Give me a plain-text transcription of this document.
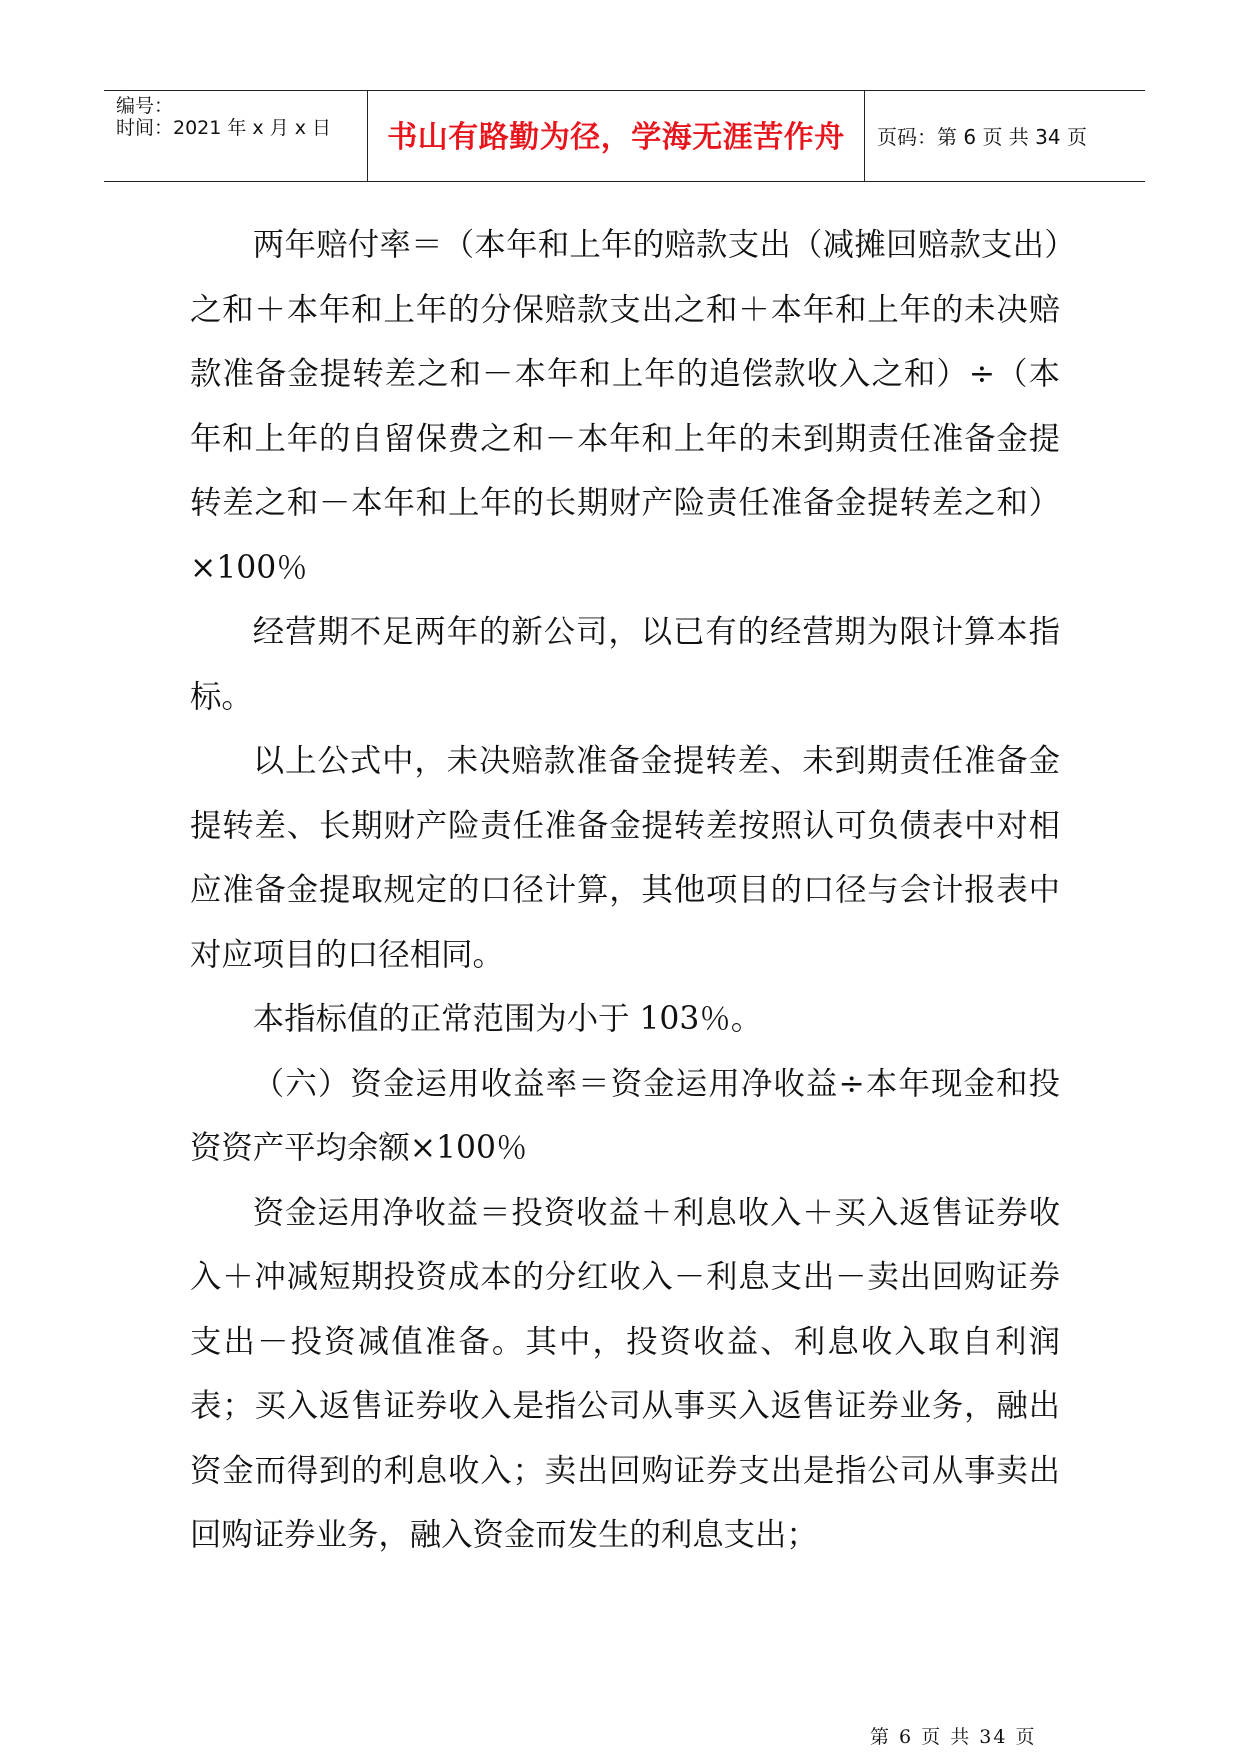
编号：
时间：2021 年 x 月 x 日	书山有路勤为径，学海无涯苦作舟 页码：第 6 页 共 34 页

两年赔付率＝（本年和上年的赔款支出（减摊回赔款支出）之和＋本年和上年的分保赔款支出之和＋本年和上年的未决赔款准备金提转差之和－本年和上年的追偿款收入之和）÷（本年和上年的自留保费之和－本年和上年的未到期责任准备金提转差之和－本年和上年的长期财产险责任准备金提转差之和）×100％

经营期不足两年的新公司，以已有的经营期为限计算本指标。

以上公式中，未决赔款准备金提转差、未到期责任准备金提转差、长期财产险责任准备金提转差按照认可负债表中对相应准备金提取规定的口径计算，其他项目的口径与会计报表中对应项目的口径相同。

本指标值的正常范围为小于 103％。

（六）资金运用收益率＝资金运用净收益÷本年现金和投资资产平均余额×100％

资金运用净收益＝投资收益＋利息收入＋买入返售证券收入＋冲减短期投资成本的分红收入－利息支出－卖出回购证券支出－投资减值准备。其中，投资收益、利息收入取自利润表；买入返售证券收入是指公司从事买入返售证券业务，融出资金而得到的利息收入；卖出回购证券支出是指公司从事卖出回购证券业务，融入资金而发生的利息支出；

第 6 页 共 34 页
